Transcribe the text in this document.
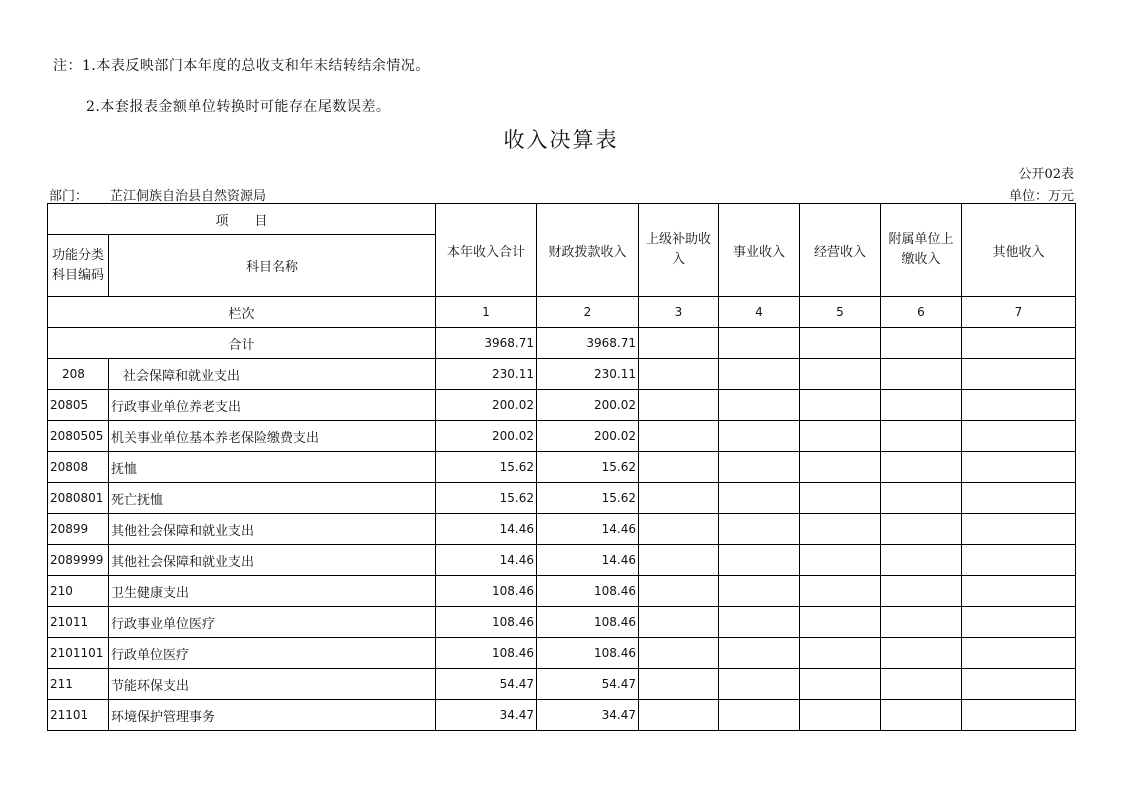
注：1.本表反映部门本年度的总收支和年末结转结余情况。
2.本套报表金额单位转换时可能存在尾数误差。
收入决算表
公开02表
部门： 芷江侗族自治县自然资源局	单位：万元
项　　目		本年收入合计	财政拨款收入	上级补助收入	事业收入	经营收入	附属单位上缴收入	其他收入
功能分类科目编码	科目名称							
栏次		1	2	3	4	5	6	7
合计		3968.71	3968.71					
208	社会保障和就业支出	230.11	230.11					
20805	行政事业单位养老支出	200.02	200.02					
2080505	机关事业单位基本养老保险缴费支出	200.02	200.02					
20808	抚恤	15.62	15.62					
2080801	死亡抚恤	15.62	15.62					
20899	其他社会保障和就业支出	14.46	14.46					
2089999	其他社会保障和就业支出	14.46	14.46					
210	卫生健康支出	108.46	108.46					
21011	行政事业单位医疗	108.46	108.46					
2101101	行政单位医疗	108.46	108.46					
211	节能环保支出	54.47	54.47					
21101	环境保护管理事务	34.47	34.47					
